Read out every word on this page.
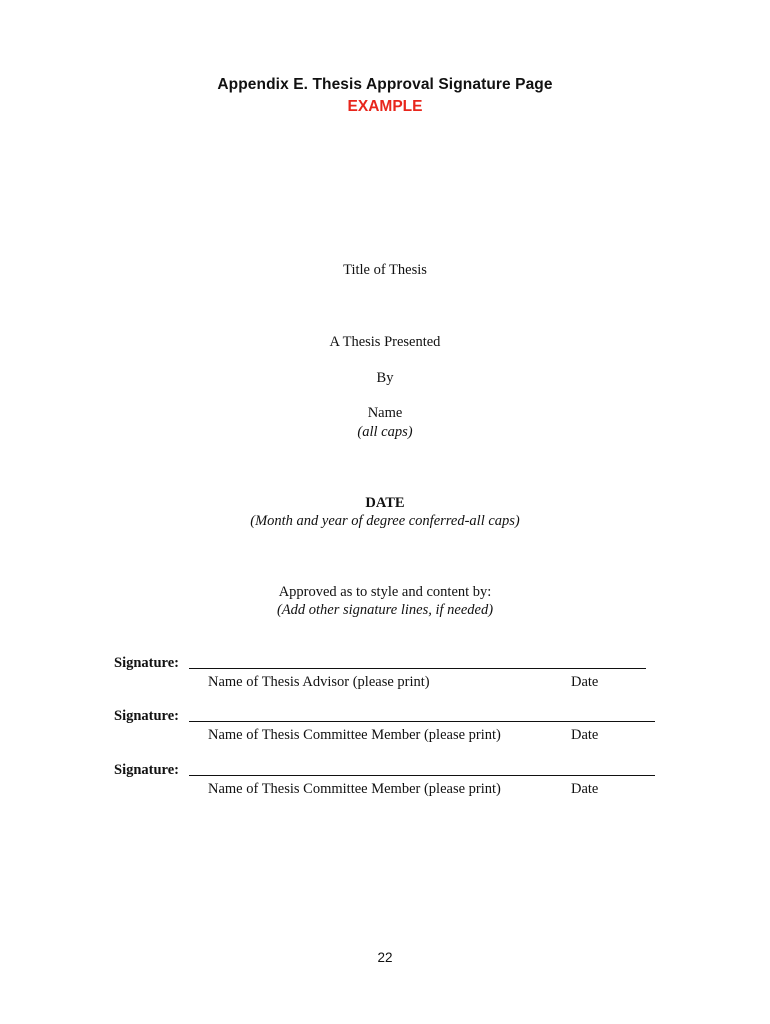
Appendix E. Thesis Approval Signature Page
EXAMPLE
Title of Thesis
A Thesis Presented
By
Name
(all caps)
DATE
(Month and year of degree conferred-all caps)
Approved as to style and content by:
(Add other signature lines, if needed)
Signature:
Name of Thesis Advisor (please print)	Date
Signature:
Name of Thesis Committee Member (please print)	Date
Signature:
Name of Thesis Committee Member (please print)	Date
22
